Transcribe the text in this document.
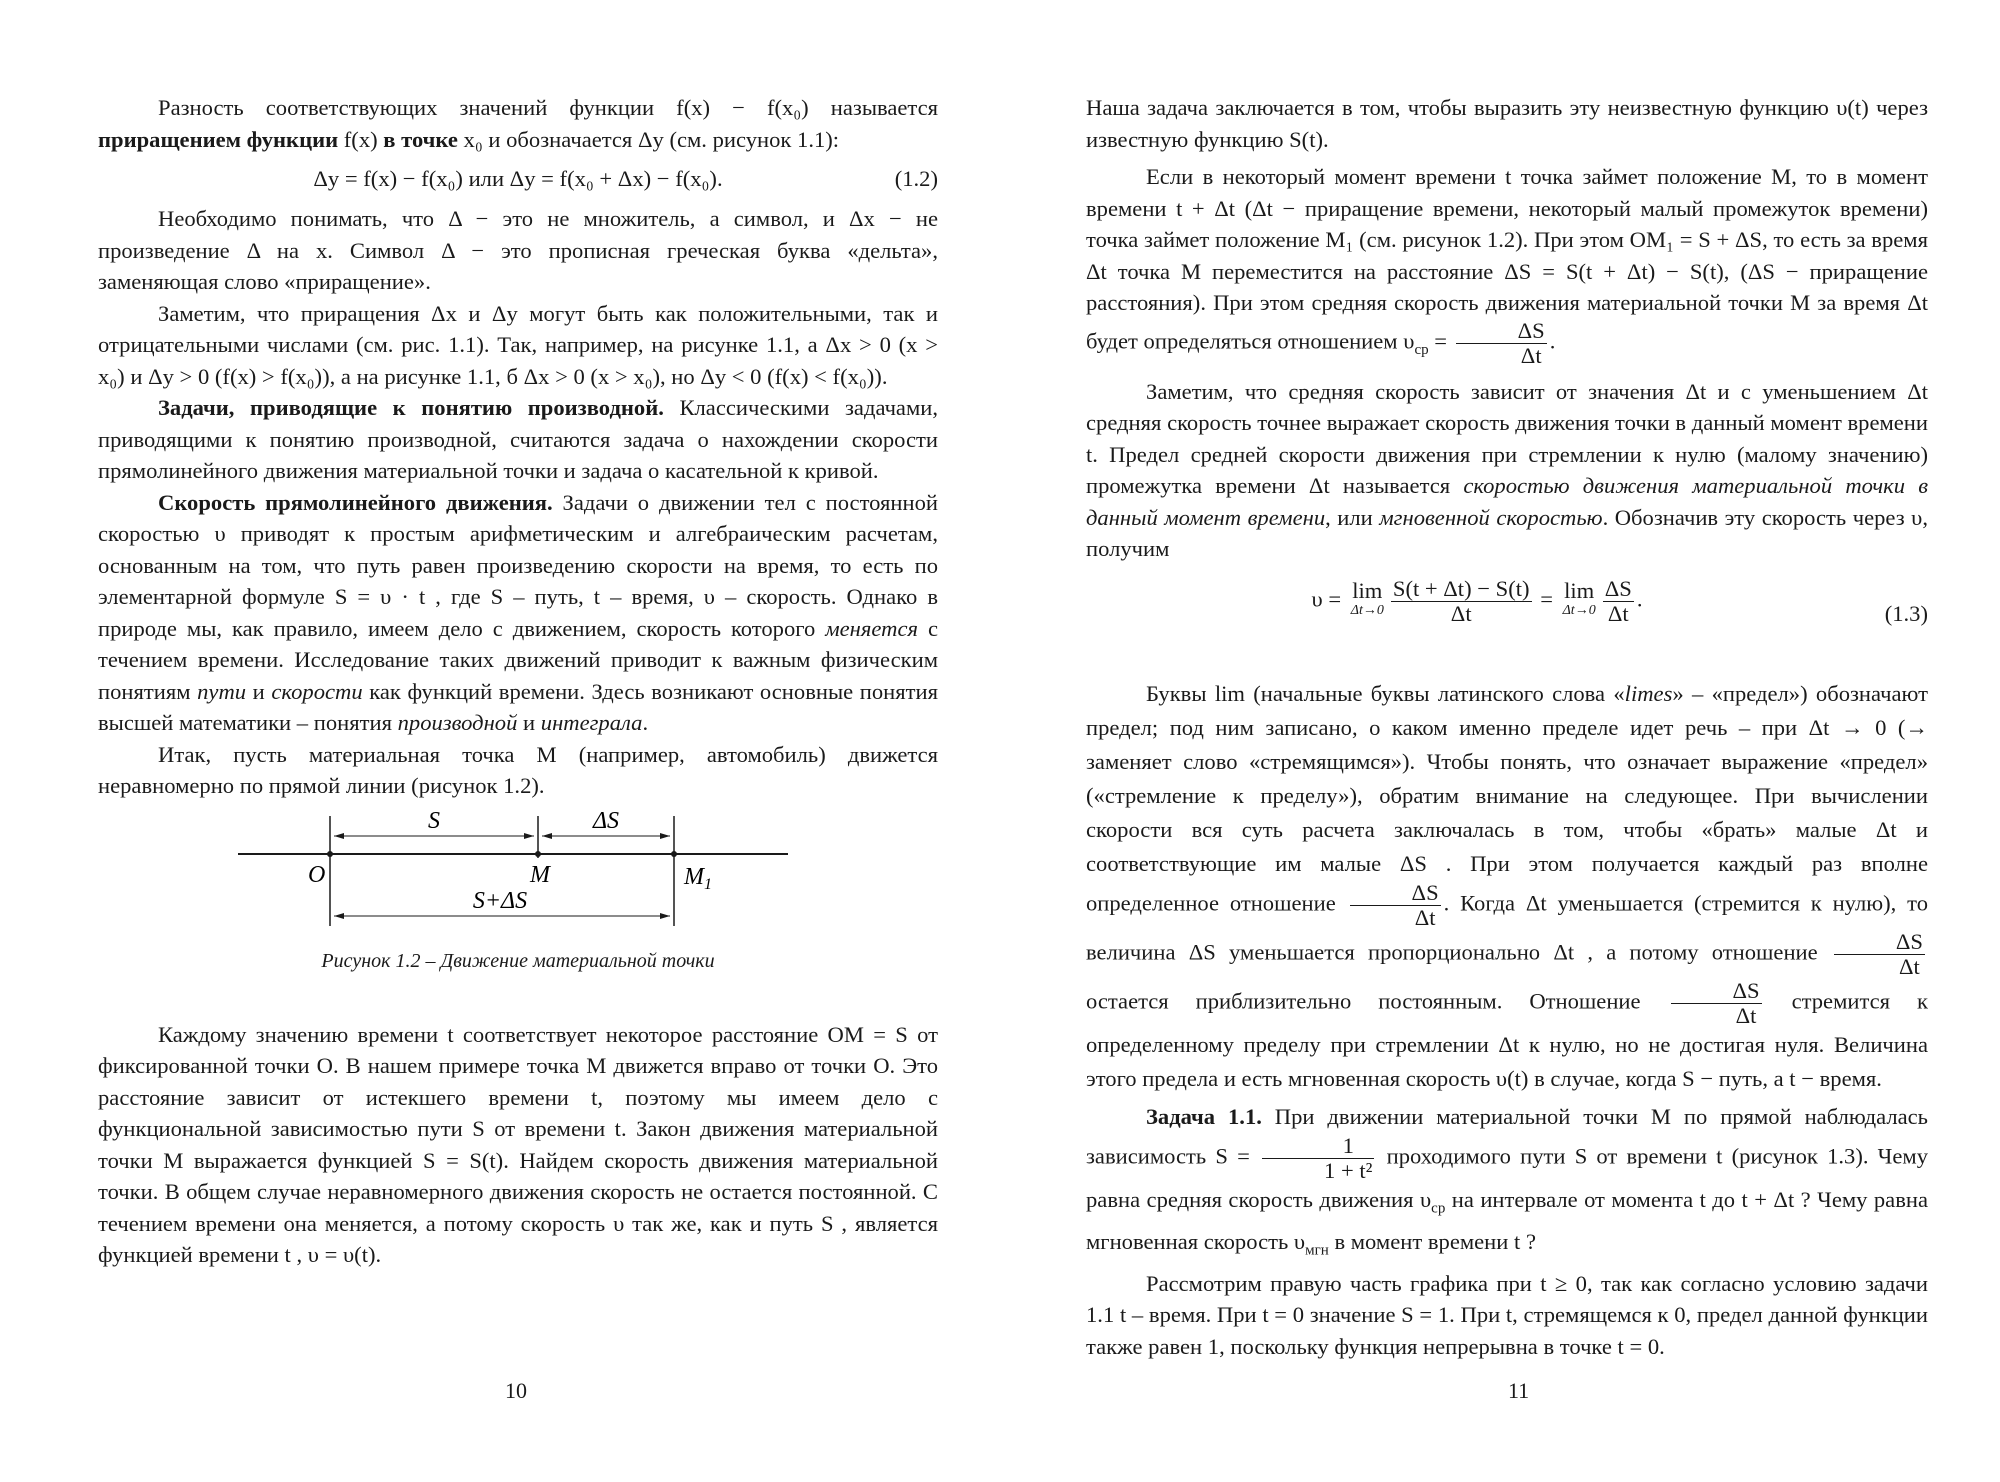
Разность соответствующих значений функции f(x) − f(x₀) называется приращением функции f(x) в точке x₀ и обозначается Δy (см. рисунок 1.1):

Δy = f(x) − f(x₀) или Δy = f(x₀ + Δx) − f(x₀).	(1.2)

Необходимо понимать, что Δ − это не множитель, а символ, и Δx − не произведение Δ на x. Символ Δ − это прописная греческая буква «дельта», заменяющая слово «приращение».

Заметим, что приращения Δx и Δy могут быть как положительными, так и отрицательными числами (см. рис. 1.1). Так, например, на рисунке 1.1, а Δx > 0 (x > x₀) и Δy > 0 (f(x) > f(x₀)), а на рисунке 1.1, б Δx > 0 (x > x₀), но Δy < 0 (f(x) < f(x₀)).

Задачи, приводящие к понятию производной. Классическими задачами, приводящими к понятию производной, считаются задача о нахождении скорости прямолинейного движения материальной точки и задача о касательной к кривой.

Скорость прямолинейного движения. Задачи о движении тел с постоянной скоростью υ приводят к простым арифметическим и алгебраическим расчетам, основанным на том, что путь равен произведению скорости на время, то есть по элементарной формуле S = υ · t , где S – путь, t – время, υ – скорость. Однако в природе мы, как правило, имеем дело с движением, скорость которого меняется с течением времени. Исследование таких движений приводит к важным физическим понятиям пути и скорости как функций времени. Здесь возникают основные понятия высшей математики – понятия производной и интеграла.

Итак, пусть материальная точка M (например, автомобиль) движется неравномерно по прямой линии (рисунок 1.2).

S	ΔS
O	M	$M_1$
S+ΔS
Рисунок 1.2 – Движение материальной точки

Каждому значению времени t соответствует некоторое расстояние OM = S от фиксированной точки O. В нашем примере точка M движется вправо от точки O. Это расстояние зависит от истекшего времени t, поэтому мы имеем дело с функциональной зависимостью пути S от времени t. Закон движения материальной точки M выражается функцией S = S(t). Найдем скорость движения материальной точки. В общем случае неравномерного движения скорость не остается постоянной. С течением времени она меняется, а потому скорость υ так же, как и путь S , является функцией времени t , υ = υ(t).

10

Наша задача заключается в том, чтобы выразить эту неизвестную функцию υ(t) через известную функцию S(t).

Если в некоторый момент времени t точка займет положение M, то в момент времени t + Δt (Δt − приращение времени, некоторый малый промежуток времени) точка займет положение M₁ (см. рисунок 1.2). При этом OM₁ = S + ΔS, то есть за время Δt точка M переместится на расстояние ΔS = S(t + Δt) − S(t), (ΔS − приращение расстояния). При этом средняя скорость движения материальной точки M за время Δt будет определяться отношением $\upsilon_{ср} = \frac{\Delta S}{\Delta t}$ .

Заметим, что средняя скорость зависит от значения Δt и с уменьшением Δt средняя скорость точнее выражает скорость движения точки в данный момент времени t. Предел средней скорости движения при стремлении к нулю (малому значению) промежутка времени Δt называется скоростью движения материальной точки в данный момент времени, или мгновенной скоростью. Обозначив эту скорость через υ, получим

υ = lim
$\Delta t\to 0 \frac{S(t + \Delta t) - S(t)}{\Delta t} = \lim$
$\Delta t\to 0 \frac{\Delta S}{\Delta t}$ .
(1.3)

Буквы lim (начальные буквы латинского слова «limes» – «предел») обозначают предел; под ним записано, о каком именно пределе идет речь – при Δt → 0 (→ заменяет слово «стремящимся»). Чтобы понять, что означает выражение «предел» («стремление к пределу»), обратим внимание на следующее. При вычислении скорости вся суть расчета заключалась в том, чтобы «брать» малые Δt и соответствующие им малые ΔS . При этом получается каждый раз вполне определенное отношение $\frac{\Delta S}{\Delta t}$ . Когда Δt уменьшается (стремится к нулю), то величина ΔS уменьшается пропорционально Δt , а потому отношение $\frac{\Delta S}{\Delta t}$
остается приблизительно постоянным. Отношение $\frac{\Delta S}{\Delta t}$ стремится к определенному пределу при стремлении Δt к нулю, но не достигая нуля. Величина этого предела и есть мгновенная скорость υ(t) в случае, когда S − путь, а t − время.

Задача 1.1. При движении материальной точки М по прямой наблюдалась зависимость $S = \frac{1}{\text{1 + t²}}$ проходимого пути S от времени t (рисунок 1.3). Чему равна средняя скорость движения $\upsilon_{ср}$ на интервале от момента t до t + Δt ? Чему равна мгновенная скорость $\upsilon_{мгн}$ в момент времени t ?

Рассмотрим правую часть графика при t ≥ 0, так как согласно условию задачи 1.1 t – время. При t = 0 значение S = 1. При t, стремящемся к 0, предел данной функции также равен 1, поскольку функция непрерывна в точке t = 0.

11
